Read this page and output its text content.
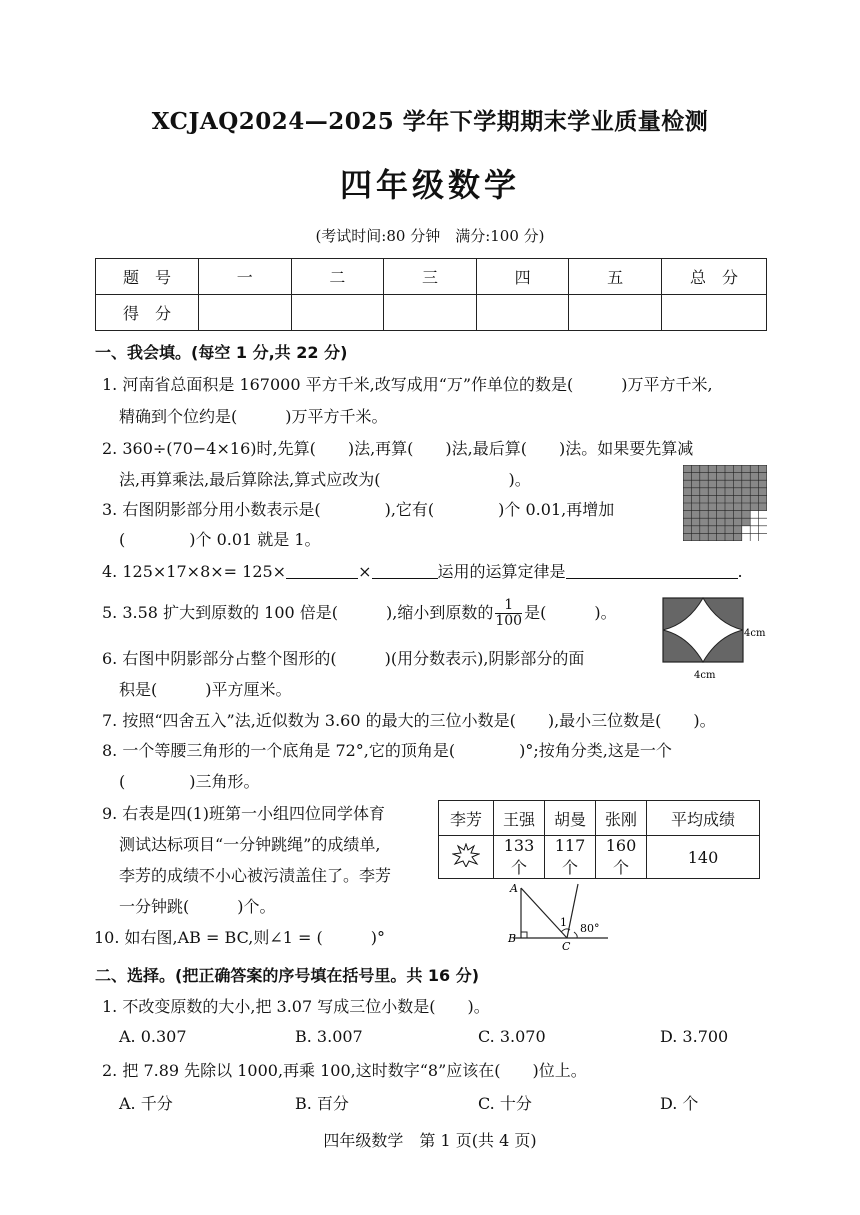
XCJAQ2024—2025 学年下学期期末学业质量检测
四年级数学
(考试时间:80 分钟　满分:100 分)
题　号	一	二	三	四	五	总　分
得　分						
一、我会填。(每空 1 分,共 22 分)
1. 河南省总面积是 167000 平方千米,改写成用“万”作单位的数是(　　　)万平方千米,
精确到个位约是(　　　)万平方千米。
2. 360÷(70−4×16)时,先算(　　)法,再算(　　)法,最后算(　　)法。如果要先算减
法,再算乘法,最后算除法,算式应改为(　　　　　　　　)。
3. 右图阴影部分用小数表示是(　　　　),它有(　　　　)个 0.01,再增加
(　　　　)个 0.01 就是 1。
4. 125×17×8×= 125×	×	运用的运算定律是	.
5. 3.58 扩大到原数的 100 倍是(　　　),缩小到原数的 $\frac{1}{100}$ 是(　　　)。
6. 右图中阴影部分占整个图形的(　　　)(用分数表示),阴影部分的面
积是(　　　)平方厘米。
4cm
4cm
7. 按照“四舍五入”法,近似数为 3.60 的最大的三位小数是(　　),最小三位数是(　　)。
8. 一个等腰三角形的一个底角是 72°,它的顶角是(　　　　)°;按角分类,这是一个
(　　　　)三角形。
9. 右表是四(1)班第一小组四位同学体育
测试达标项目“一分钟跳绳”的成绩单,
李芳的成绩不小心被污渍盖住了。李芳
一分钟跳(　　　)个。
李芳	王强	胡曼	张刚	平均成绩
	133 个	117 个	160 个	140
A
B
C
1 80°
10. 如右图,AB = BC,则∠1 = (　　　)°
二、选择。(把正确答案的序号填在括号里。共 16 分)
1. 不改变原数的大小,把 3.07 写成三位小数是(　　)。
A. 0.307	B. 3.007	C. 3.070	D. 3.700
2. 把 7.89 先除以 1000,再乘 100,这时数字“8”应该在(　　)位上。
A. 千分	B. 百分	C. 十分	D. 个
四年级数学　第 1 页(共 4 页)
